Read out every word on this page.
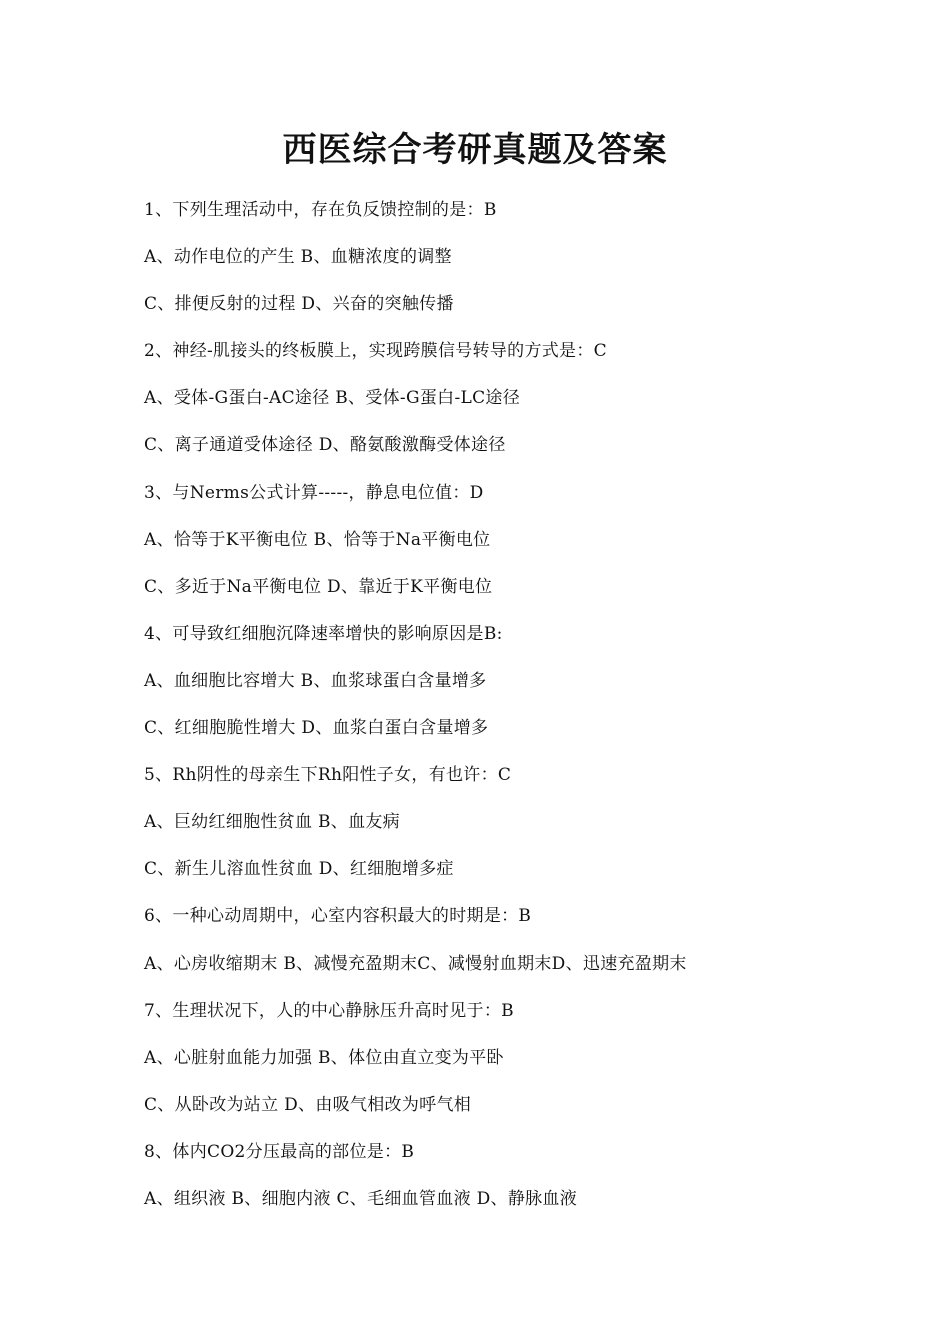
西医综合考研真题及答案
1、下列生理活动中，存在负反馈控制的是：B
A、动作电位的产生 B、血糖浓度的调整
C、排便反射的过程 D、兴奋的突触传播
2、神经-肌接头的终板膜上，实现跨膜信号转导的方式是：C
A、受体-G蛋白-AC途径 B、受体-G蛋白-LC途径
C、离子通道受体途径 D、酪氨酸激酶受体途径
3、与Nerms公式计算-----，静息电位值：D
A、恰等于K平衡电位 B、恰等于Na平衡电位
C、多近于Na平衡电位 D、靠近于K平衡电位
4、可导致红细胞沉降速率增快的影响原因是B:
A、血细胞比容增大 B、血浆球蛋白含量增多
C、红细胞脆性增大 D、血浆白蛋白含量增多
5、Rh阴性的母亲生下Rh阳性子女，有也许：C
A、巨幼红细胞性贫血 B、血友病
C、新生儿溶血性贫血 D、红细胞增多症
6、一种心动周期中，心室内容积最大的时期是：B
A、心房收缩期末 B、减慢充盈期末C、减慢射血期末D、迅速充盈期末
7、生理状况下，人的中心静脉压升高时见于：B
A、心脏射血能力加强 B、体位由直立变为平卧
C、从卧改为站立 D、由吸气相改为呼气相
8、体内CO2分压最高的部位是：B
A、组织液 B、细胞内液 C、毛细血管血液 D、静脉血液
